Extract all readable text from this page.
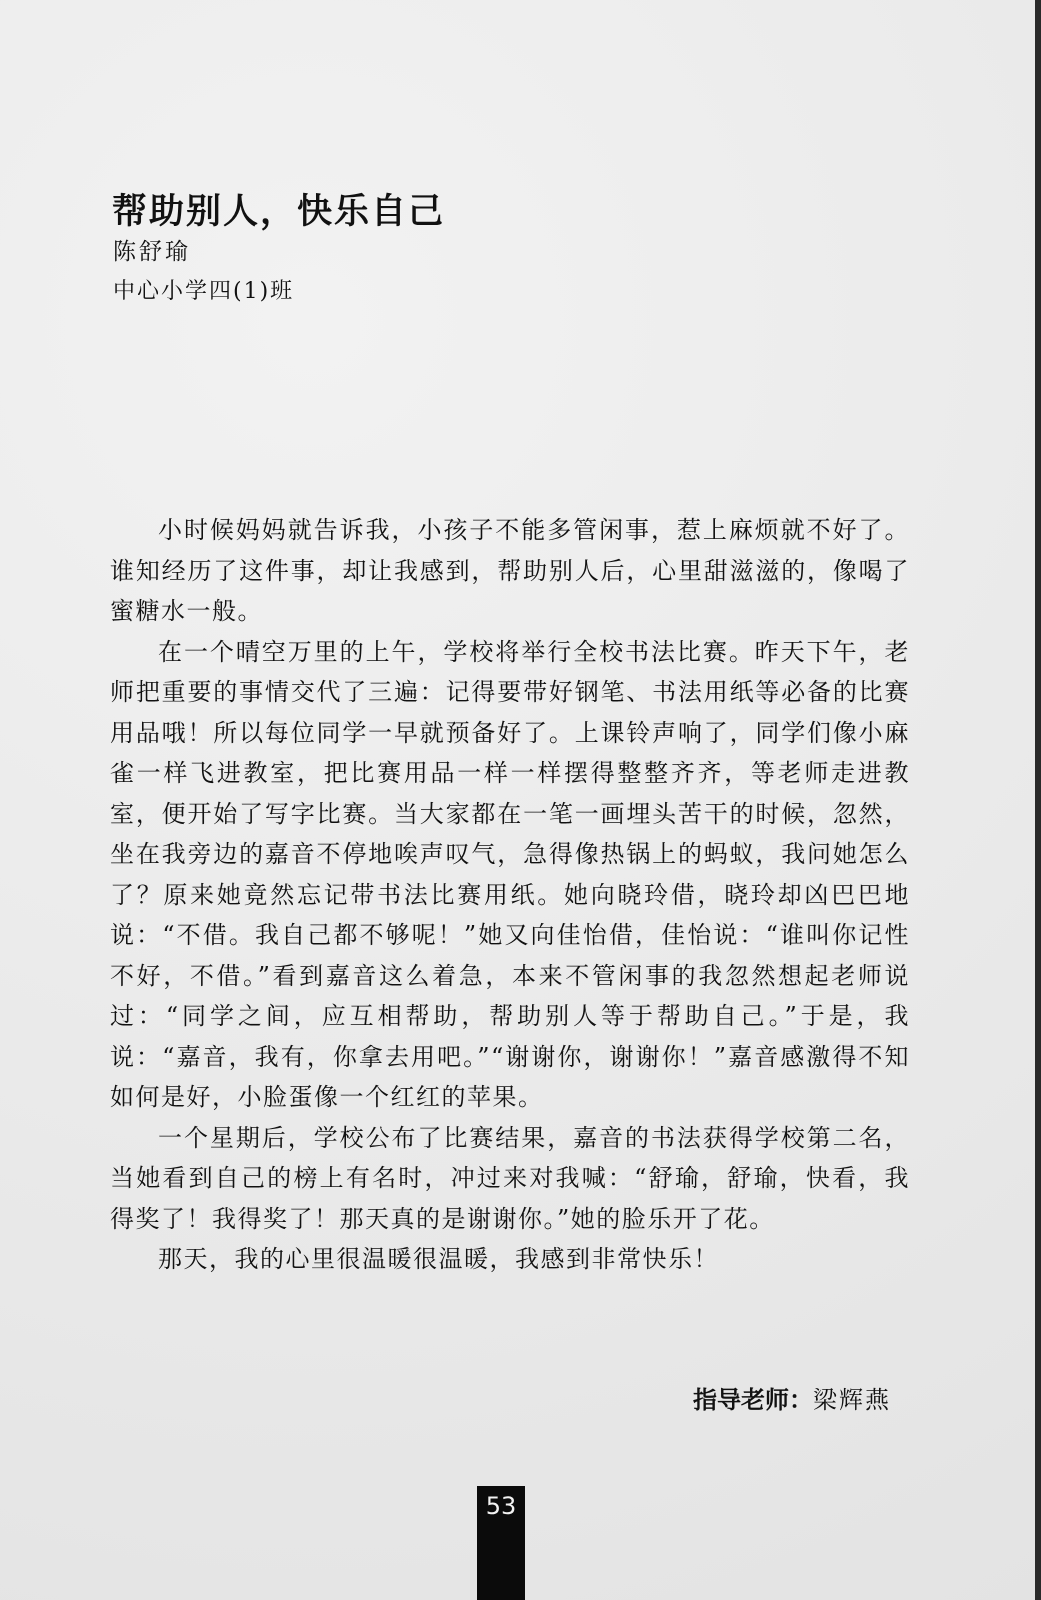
帮助别人，快乐自己
陈舒瑜
中心小学四(1)班

小时候妈妈就告诉我，小孩子不能多管闲事，惹上麻烦就不好了。谁知经历了这件事，却让我感到，帮助别人后，心里甜滋滋的，像喝了蜜糖水一般。

在一个晴空万里的上午，学校将举行全校书法比赛。昨天下午，老师把重要的事情交代了三遍：记得要带好钢笔、书法用纸等必备的比赛用品哦！所以每位同学一早就预备好了。上课铃声响了，同学们像小麻雀一样飞进教室，把比赛用品一样一样摆得整整齐齐，等老师走进教室，便开始了写字比赛。当大家都在一笔一画埋头苦干的时候，忽然，坐在我旁边的嘉音不停地唉声叹气，急得像热锅上的蚂蚁，我问她怎么了？原来她竟然忘记带书法比赛用纸。她向晓玲借，晓玲却凶巴巴地说：“不借。我自己都不够呢！”她又向佳怡借，佳怡说：“谁叫你记性不好，不借。”看到嘉音这么着急，本来不管闲事的我忽然想起老师说过：“同学之间，应互相帮助，帮助别人等于帮助自己。”于是，我说：“嘉音，我有，你拿去用吧。”“谢谢你，谢谢你！”嘉音感激得不知如何是好，小脸蛋像一个红红的苹果。

一个星期后，学校公布了比赛结果，嘉音的书法获得学校第二名，当她看到自己的榜上有名时，冲过来对我喊：“舒瑜，舒瑜，快看，我得奖了！我得奖了！那天真的是谢谢你。”她的脸乐开了花。

那天，我的心里很温暖很温暖，我感到非常快乐！

指导老师：梁辉燕
53
